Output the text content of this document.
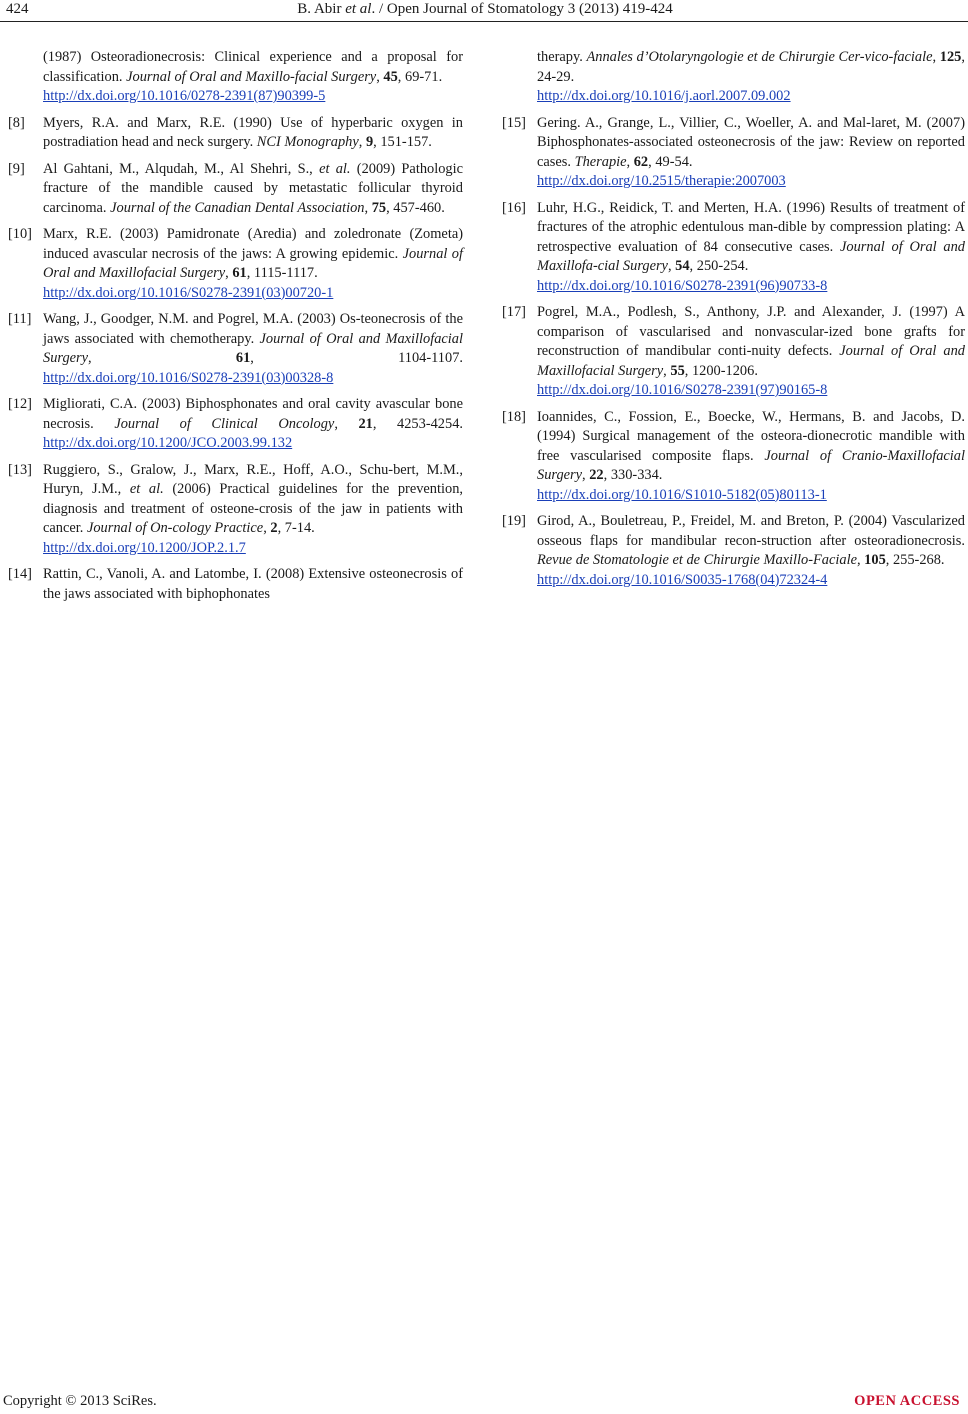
424	B. Abir et al. / Open Journal of Stomatology 3 (2013) 419-424
(1987) Osteoradionecrosis: Clinical experience and a proposal for classification. Journal of Oral and Maxillo-facial Surgery, 45, 69-71.
http://dx.doi.org/10.1016/0278-2391(87)90399-5
[8] Myers, R.A. and Marx, R.E. (1990) Use of hyperbaric oxygen in postradiation head and neck surgery. NCI Monography, 9, 151-157.
[9] Al Gahtani, M., Alqudah, M., Al Shehri, S., et al. (2009) Pathologic fracture of the mandible caused by metastatic follicular thyroid carcinoma. Journal of the Canadian Dental Association, 75, 457-460.
[10] Marx, R.E. (2003) Pamidronate (Aredia) and zoledronate (Zometa) induced avascular necrosis of the jaws: A growing epidemic. Journal of Oral and Maxillofacial Surgery, 61, 1115-1117.
http://dx.doi.org/10.1016/S0278-2391(03)00720-1
[11] Wang, J., Goodger, N.M. and Pogrel, M.A. (2003) Os-teonecrosis of the jaws associated with chemotherapy. Journal of Oral and Maxillofacial Surgery, 61, 1104-1107. http://dx.doi.org/10.1016/S0278-2391(03)00328-8
[12] Migliorati, C.A. (2003) Biphosphonates and oral cavity avascular bone necrosis. Journal of Clinical Oncology, 21, 4253-4254. http://dx.doi.org/10.1200/JCO.2003.99.132
[13] Ruggiero, S., Gralow, J., Marx, R.E., Hoff, A.O., Schu-bert, M.M., Huryn, J.M., et al. (2006) Practical guidelines for the prevention, diagnosis and treatment of osteone-crosis of the jaw in patients with cancer. Journal of On-cology Practice, 2, 7-14.
http://dx.doi.org/10.1200/JOP.2.1.7
[14] Rattin, C., Vanoli, A. and Latombe, I. (2008) Extensive osteonecrosis of the jaws associated with biphophonates
therapy. Annales d’Otolaryngologie et de Chirurgie Cer-vico-faciale, 125, 24-29.
http://dx.doi.org/10.1016/j.aorl.2007.09.002
[15] Gering. A., Grange, L., Villier, C., Woeller, A. and Mal-laret, M. (2007) Biphosphonates-associated osteonecrosis of the jaw: Review on reported cases. Therapie, 62, 49-54.
http://dx.doi.org/10.2515/therapie:2007003
[16] Luhr, H.G., Reidick, T. and Merten, H.A. (1996) Results of treatment of fractures of the atrophic edentulous man-dible by compression plating: A retrospective evaluation of 84 consecutive cases. Journal of Oral and Maxillofa-cial Surgery, 54, 250-254.
http://dx.doi.org/10.1016/S0278-2391(96)90733-8
[17] Pogrel, M.A., Podlesh, S., Anthony, J.P. and Alexander, J. (1997) A comparison of vascularised and nonvascular-ized bone grafts for reconstruction of mandibular conti-nuity defects. Journal of Oral and Maxillofacial Surgery, 55, 1200-1206.
http://dx.doi.org/10.1016/S0278-2391(97)90165-8
[18] Ioannides, C., Fossion, E., Boecke, W., Hermans, B. and Jacobs, D. (1994) Surgical management of the osteora-dionecrotic mandible with free vascularised composite flaps. Journal of Cranio-Maxillofacial Surgery, 22, 330-334.
http://dx.doi.org/10.1016/S1010-5182(05)80113-1
[19] Girod, A., Bouletreau, P., Freidel, M. and Breton, P. (2004) Vascularized osseous flaps for mandibular recon-struction after osteoradionecrosis. Revue de Stomatologie et de Chirurgie Maxillo-Faciale, 105, 255-268.
http://dx.doi.org/10.1016/S0035-1768(04)72324-4
Copyright © 2013 SciRes.	OPEN ACCESS
